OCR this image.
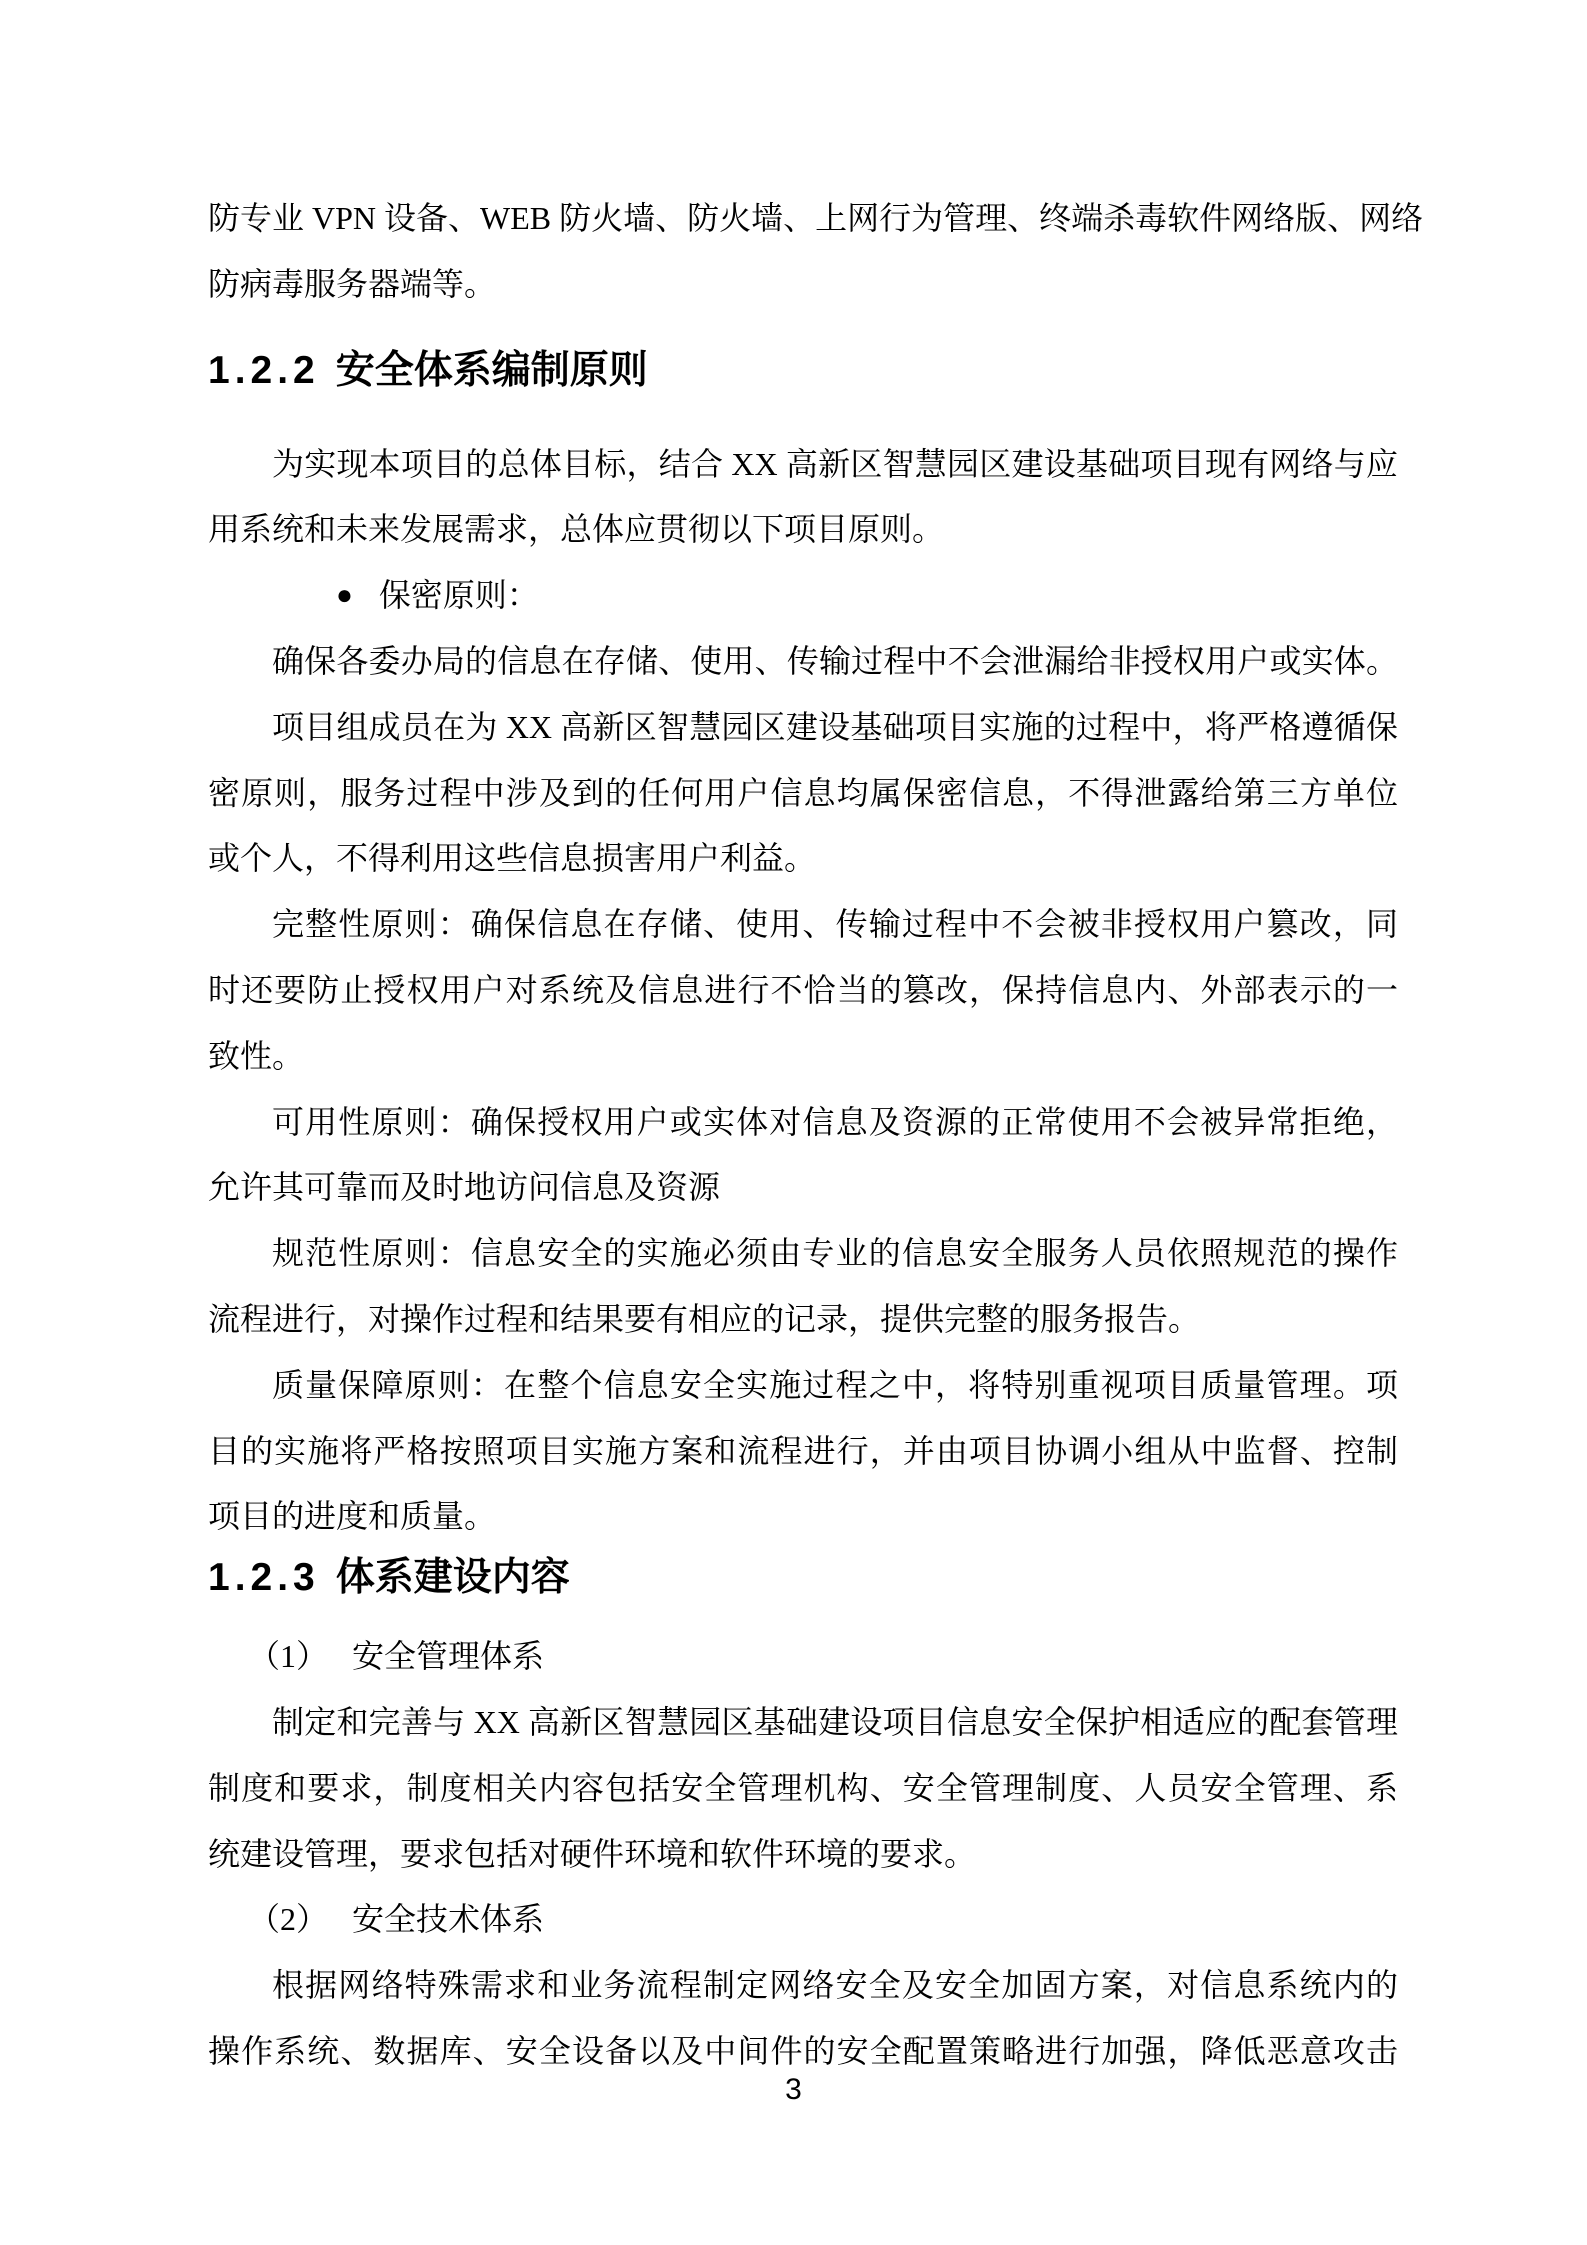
防专业 VPN 设备、WEB 防火墙、防火墙、上网行为管理、终端杀毒软件网络版、网络
防病毒服务器端等。
1.2.2 安全体系编制原则
为实现本项目的总体目标，结合 XX 高新区智慧园区建设基础项目现有网络与应
用系统和未来发展需求，总体应贯彻以下项目原则。
● 保密原则：
确保各委办局的信息在存储、使用、传输过程中不会泄漏给非授权用户或实体。
项目组成员在为 XX 高新区智慧园区建设基础项目实施的过程中，将严格遵循保
密原则，服务过程中涉及到的任何用户信息均属保密信息，不得泄露给第三方单位
或个人，不得利用这些信息损害用户利益。
完整性原则：确保信息在存储、使用、传输过程中不会被非授权用户篡改，同
时还要防止授权用户对系统及信息进行不恰当的篡改，保持信息内、外部表示的一
致性。
可用性原则：确保授权用户或实体对信息及资源的正常使用不会被异常拒绝，
允许其可靠而及时地访问信息及资源
规范性原则：信息安全的实施必须由专业的信息安全服务人员依照规范的操作
流程进行，对操作过程和结果要有相应的记录，提供完整的服务报告。
质量保障原则：在整个信息安全实施过程之中，将特别重视项目质量管理。项
目的实施将严格按照项目实施方案和流程进行，并由项目协调小组从中监督、控制
项目的进度和质量。
1.2.3 体系建设内容
（1） 安全管理体系
制定和完善与 XX 高新区智慧园区基础建设项目信息安全保护相适应的配套管理
制度和要求，制度相关内容包括安全管理机构、安全管理制度、人员安全管理、系
统建设管理，要求包括对硬件环境和软件环境的要求。
（2） 安全技术体系
根据网络特殊需求和业务流程制定网络安全及安全加固方案，对信息系统内的
操作系统、数据库、安全设备以及中间件的安全配置策略进行加强，降低恶意攻击
3
